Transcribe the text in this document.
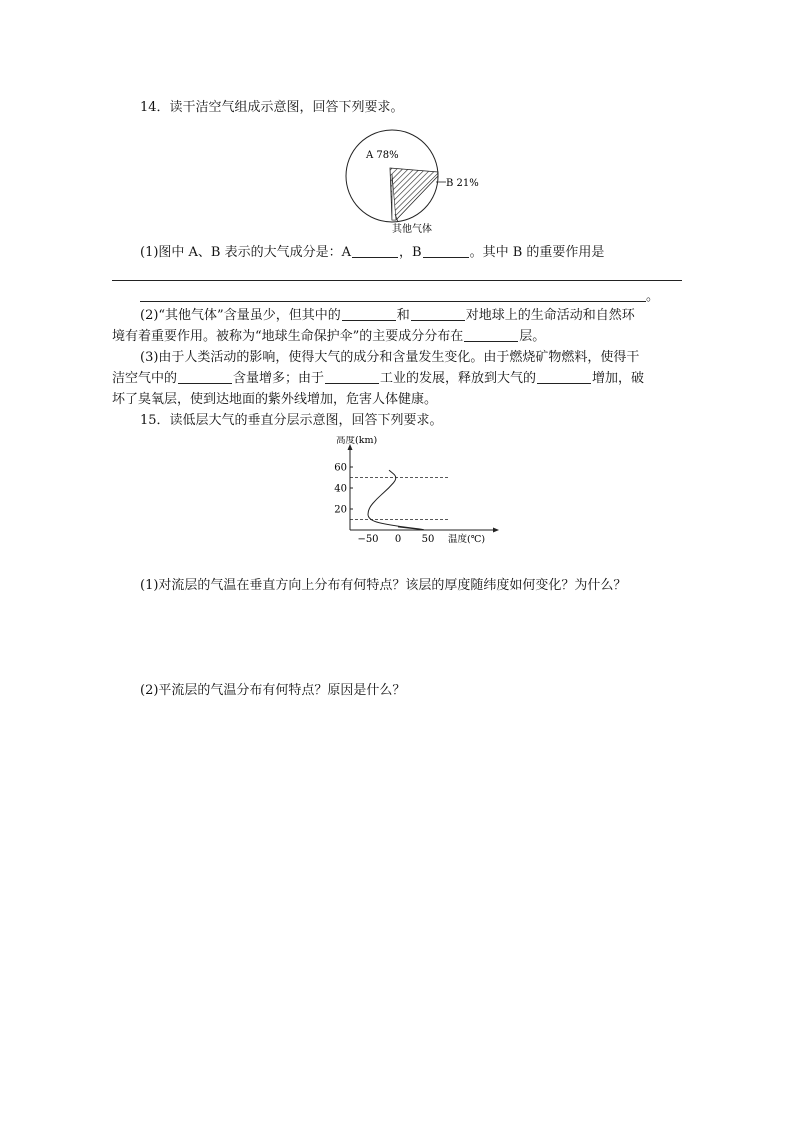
14．读干洁空气组成示意图，回答下列要求。
A 78%
B 21%
其他气体
(1)图中 A、B 表示的大气成分是：A	，B	。其中 B 的重要作用是
。
(2)“其他气体”含量虽少，但其中的	和	对地球上的生命活动和自然环
境有着重要作用。被称为“地球生命保护伞”的主要成分分布在	层。
(3)由于人类活动的影响，使得大气的成分和含量发生变化。由于燃烧矿物燃料，使得干
洁空气中的	含量增多；由于	工业的发展，释放到大气的	增加，破
坏了臭氧层，使到达地面的紫外线增加，危害人体健康。
15．读低层大气的垂直分层示意图，回答下列要求。
20
40
60
−50 0 50
高度(km)
温度(℃)
(1)对流层的气温在垂直方向上分布有何特点？该层的厚度随纬度如何变化？为什么？
(2)平流层的气温分布有何特点？原因是什么？
